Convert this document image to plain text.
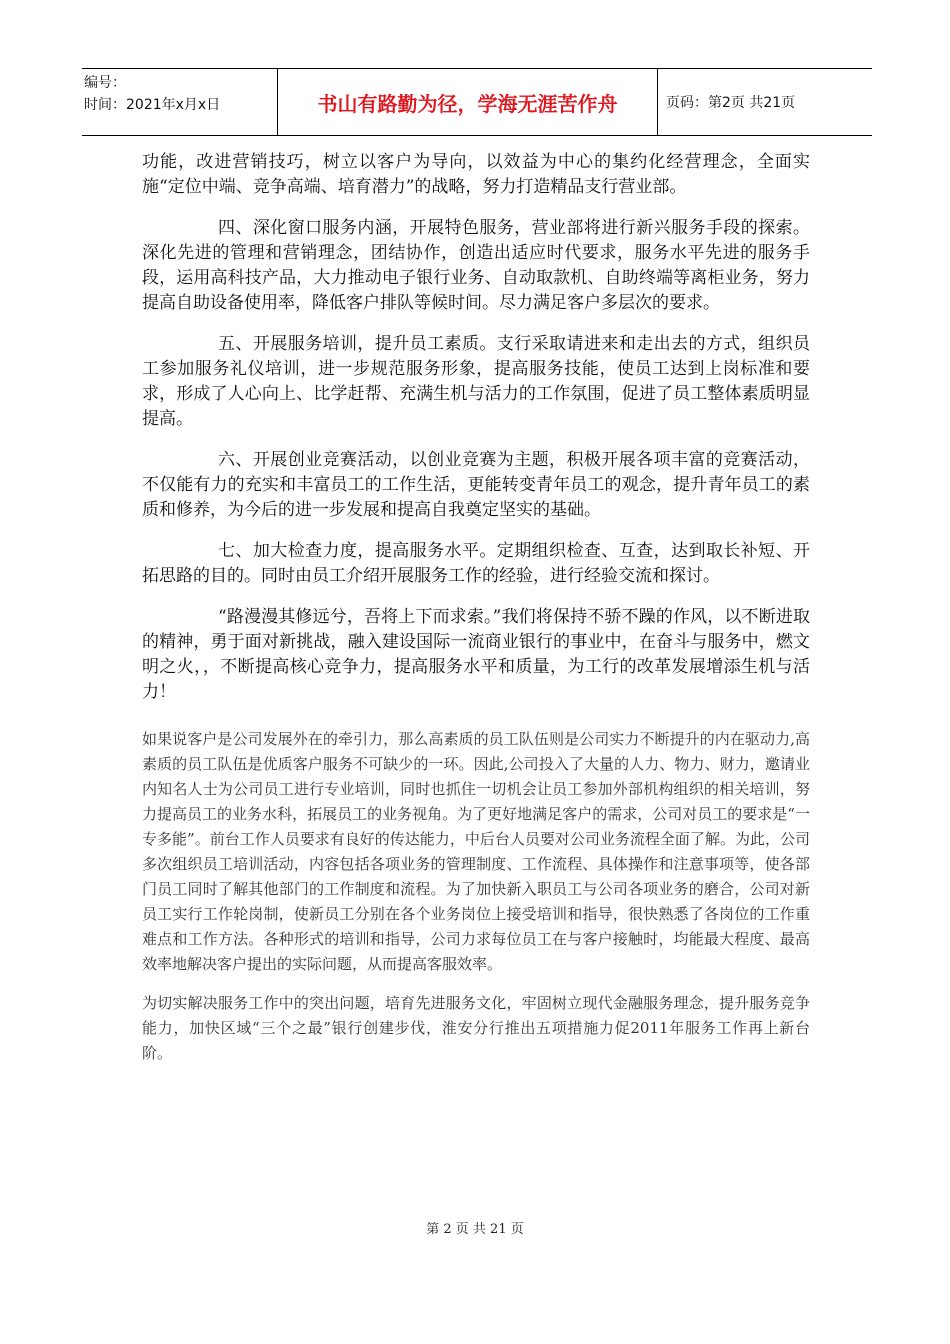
编号：
时间：2021年x月x日	书山有路勤为径，学海无涯苦作舟	页码：第2页 共21页

功能，改进营销技巧，树立以客户为导向，以效益为中心的集约化经营理念，全面实施“定位中端、竞争高端、培育潜力”的战略，努力打造精品支行营业部。

四、深化窗口服务内涵，开展特色服务，营业部将进行新兴服务手段的探索。深化先进的管理和营销理念，团结协作，创造出适应时代要求，服务水平先进的服务手段，运用高科技产品，大力推动电子银行业务、自动取款机、自助终端等离柜业务，努力提高自助设备使用率，降低客户排队等候时间。尽力满足客户多层次的要求。

五、开展服务培训，提升员工素质。支行采取请进来和走出去的方式，组织员工参加服务礼仪培训，进一步规范服务形象，提高服务技能，使员工达到上岗标准和要求，形成了人心向上、比学赶帮、充满生机与活力的工作氛围，促进了员工整体素质明显提高。

六、开展创业竞赛活动，以创业竞赛为主题，积极开展各项丰富的竞赛活动，不仅能有力的充实和丰富员工的工作生活，更能转变青年员工的观念，提升青年员工的素质和修养，为今后的进一步发展和提高自我奠定坚实的基础。

七、加大检查力度，提高服务水平。定期组织检查、互查，达到取长补短、开拓思路的目的。同时由员工介绍开展服务工作的经验，进行经验交流和探讨。

“路漫漫其修远兮，吾将上下而求索。”我们将保持不骄不躁的作风，以不断进取的精神，勇于面对新挑战，融入建设国际一流商业银行的事业中，在奋斗与服务中，燃文明之火，，不断提高核心竞争力，提高服务水平和质量，为工行的改革发展增添生机与活力！

如果说客户是公司发展外在的牵引力，那么高素质的员工队伍则是公司实力不断提升的内在驱动力,高素质的员工队伍是优质客户服务不可缺少的一环。因此,公司投入了大量的人力、物力、财力，邀请业内知名人士为公司员工进行专业培训，同时也抓住一切机会让员工参加外部机构组织的相关培训，努力提高员工的业务水科，拓展员工的业务视角。为了更好地满足客户的需求，公司对员工的要求是“一专多能”。前台工作人员要求有良好的传达能力，中后台人员要对公司业务流程全面了解。为此，公司多次组织员工培训活动，内容包括各项业务的管理制度、工作流程、具体操作和注意事项等，使各部门员工同时了解其他部门的工作制度和流程。为了加快新入职员工与公司各项业务的磨合，公司对新员工实行工作轮岗制，使新员工分别在各个业务岗位上接受培训和指导，很快熟悉了各岗位的工作重难点和工作方法。各种形式的培训和指导，公司力求每位员工在与客户接触时，均能最大程度、最高效率地解决客户提出的实际问题，从而提高客服效率。

为切实解决服务工作中的突出问题，培育先进服务文化，牢固树立现代金融服务理念，提升服务竞争能力，加快区域“三个之最”银行创建步伐，淮安分行推出五项措施力促2011年服务工作再上新台阶。

第 2 页 共 21 页
